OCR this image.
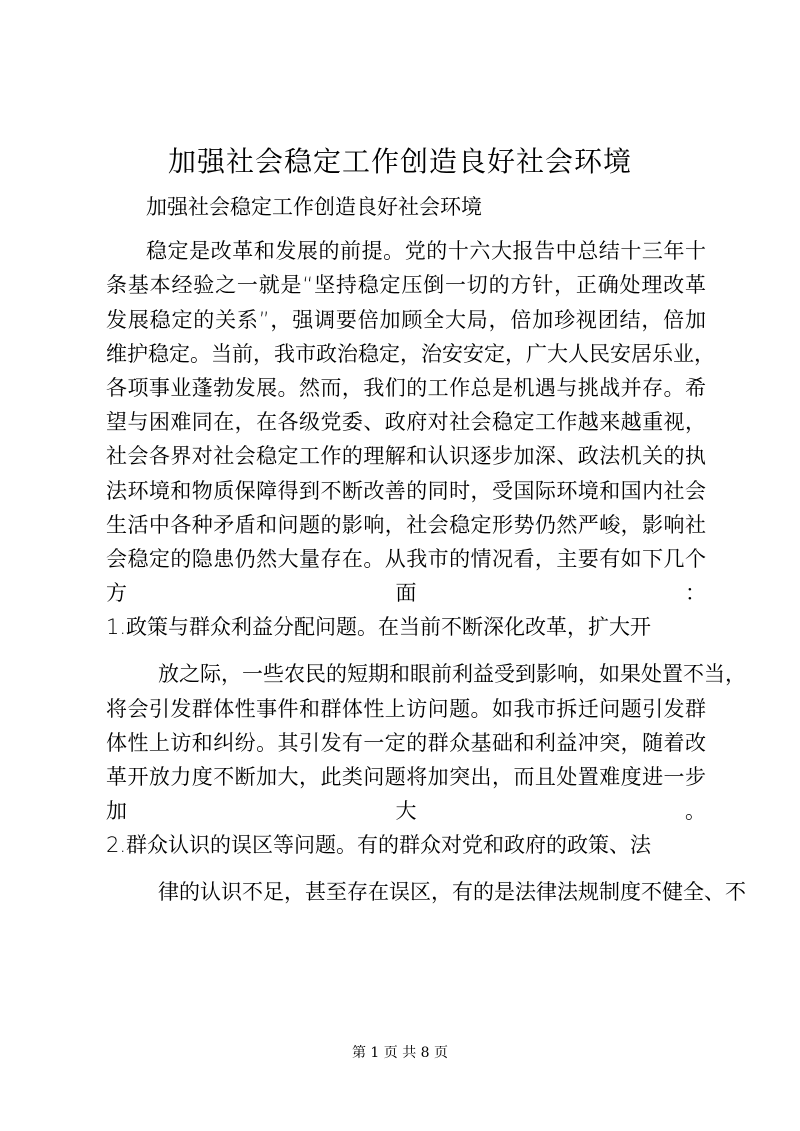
加强社会稳定工作创造良好社会环境
加强社会稳定工作创造良好社会环境
稳定是改革和发展的前提。党的十六大报告中总结十三年十
条基本经验之一就是“坚持稳定压倒一切的方针，正确处理改革
发展稳定的关系”，强调要倍加顾全大局，倍加珍视团结，倍加
维护稳定。当前，我市政治稳定，治安安定，广大人民安居乐业，
各项事业蓬勃发展。然而，我们的工作总是机遇与挑战并存。希
望与困难同在，在各级党委、政府对社会稳定工作越来越重视，
社会各界对社会稳定工作的理解和认识逐步加深、政法机关的执
法环境和物质保障得到不断改善的同时，受国际环境和国内社会
生活中各种矛盾和问题的影响，社会稳定形势仍然严峻，影响社
会稳定的隐患仍然大量存在。从我市的情况看，主要有如下几个
方面：
1.政策与群众利益分配问题。在当前不断深化改革，扩大开
放之际，一些农民的短期和眼前利益受到影响，如果处置不当，
将会引发群体性事件和群体性上访问题。如我市拆迁问题引发群
体性上访和纠纷。其引发有一定的群众基础和利益冲突，随着改
革开放力度不断加大，此类问题将加突出，而且处置难度进一步
加大。
2.群众认识的误区等问题。有的群众对党和政府的政策、法
律的认识不足，甚至存在误区，有的是法律法规制度不健全、不
第 1 页 共 8 页
